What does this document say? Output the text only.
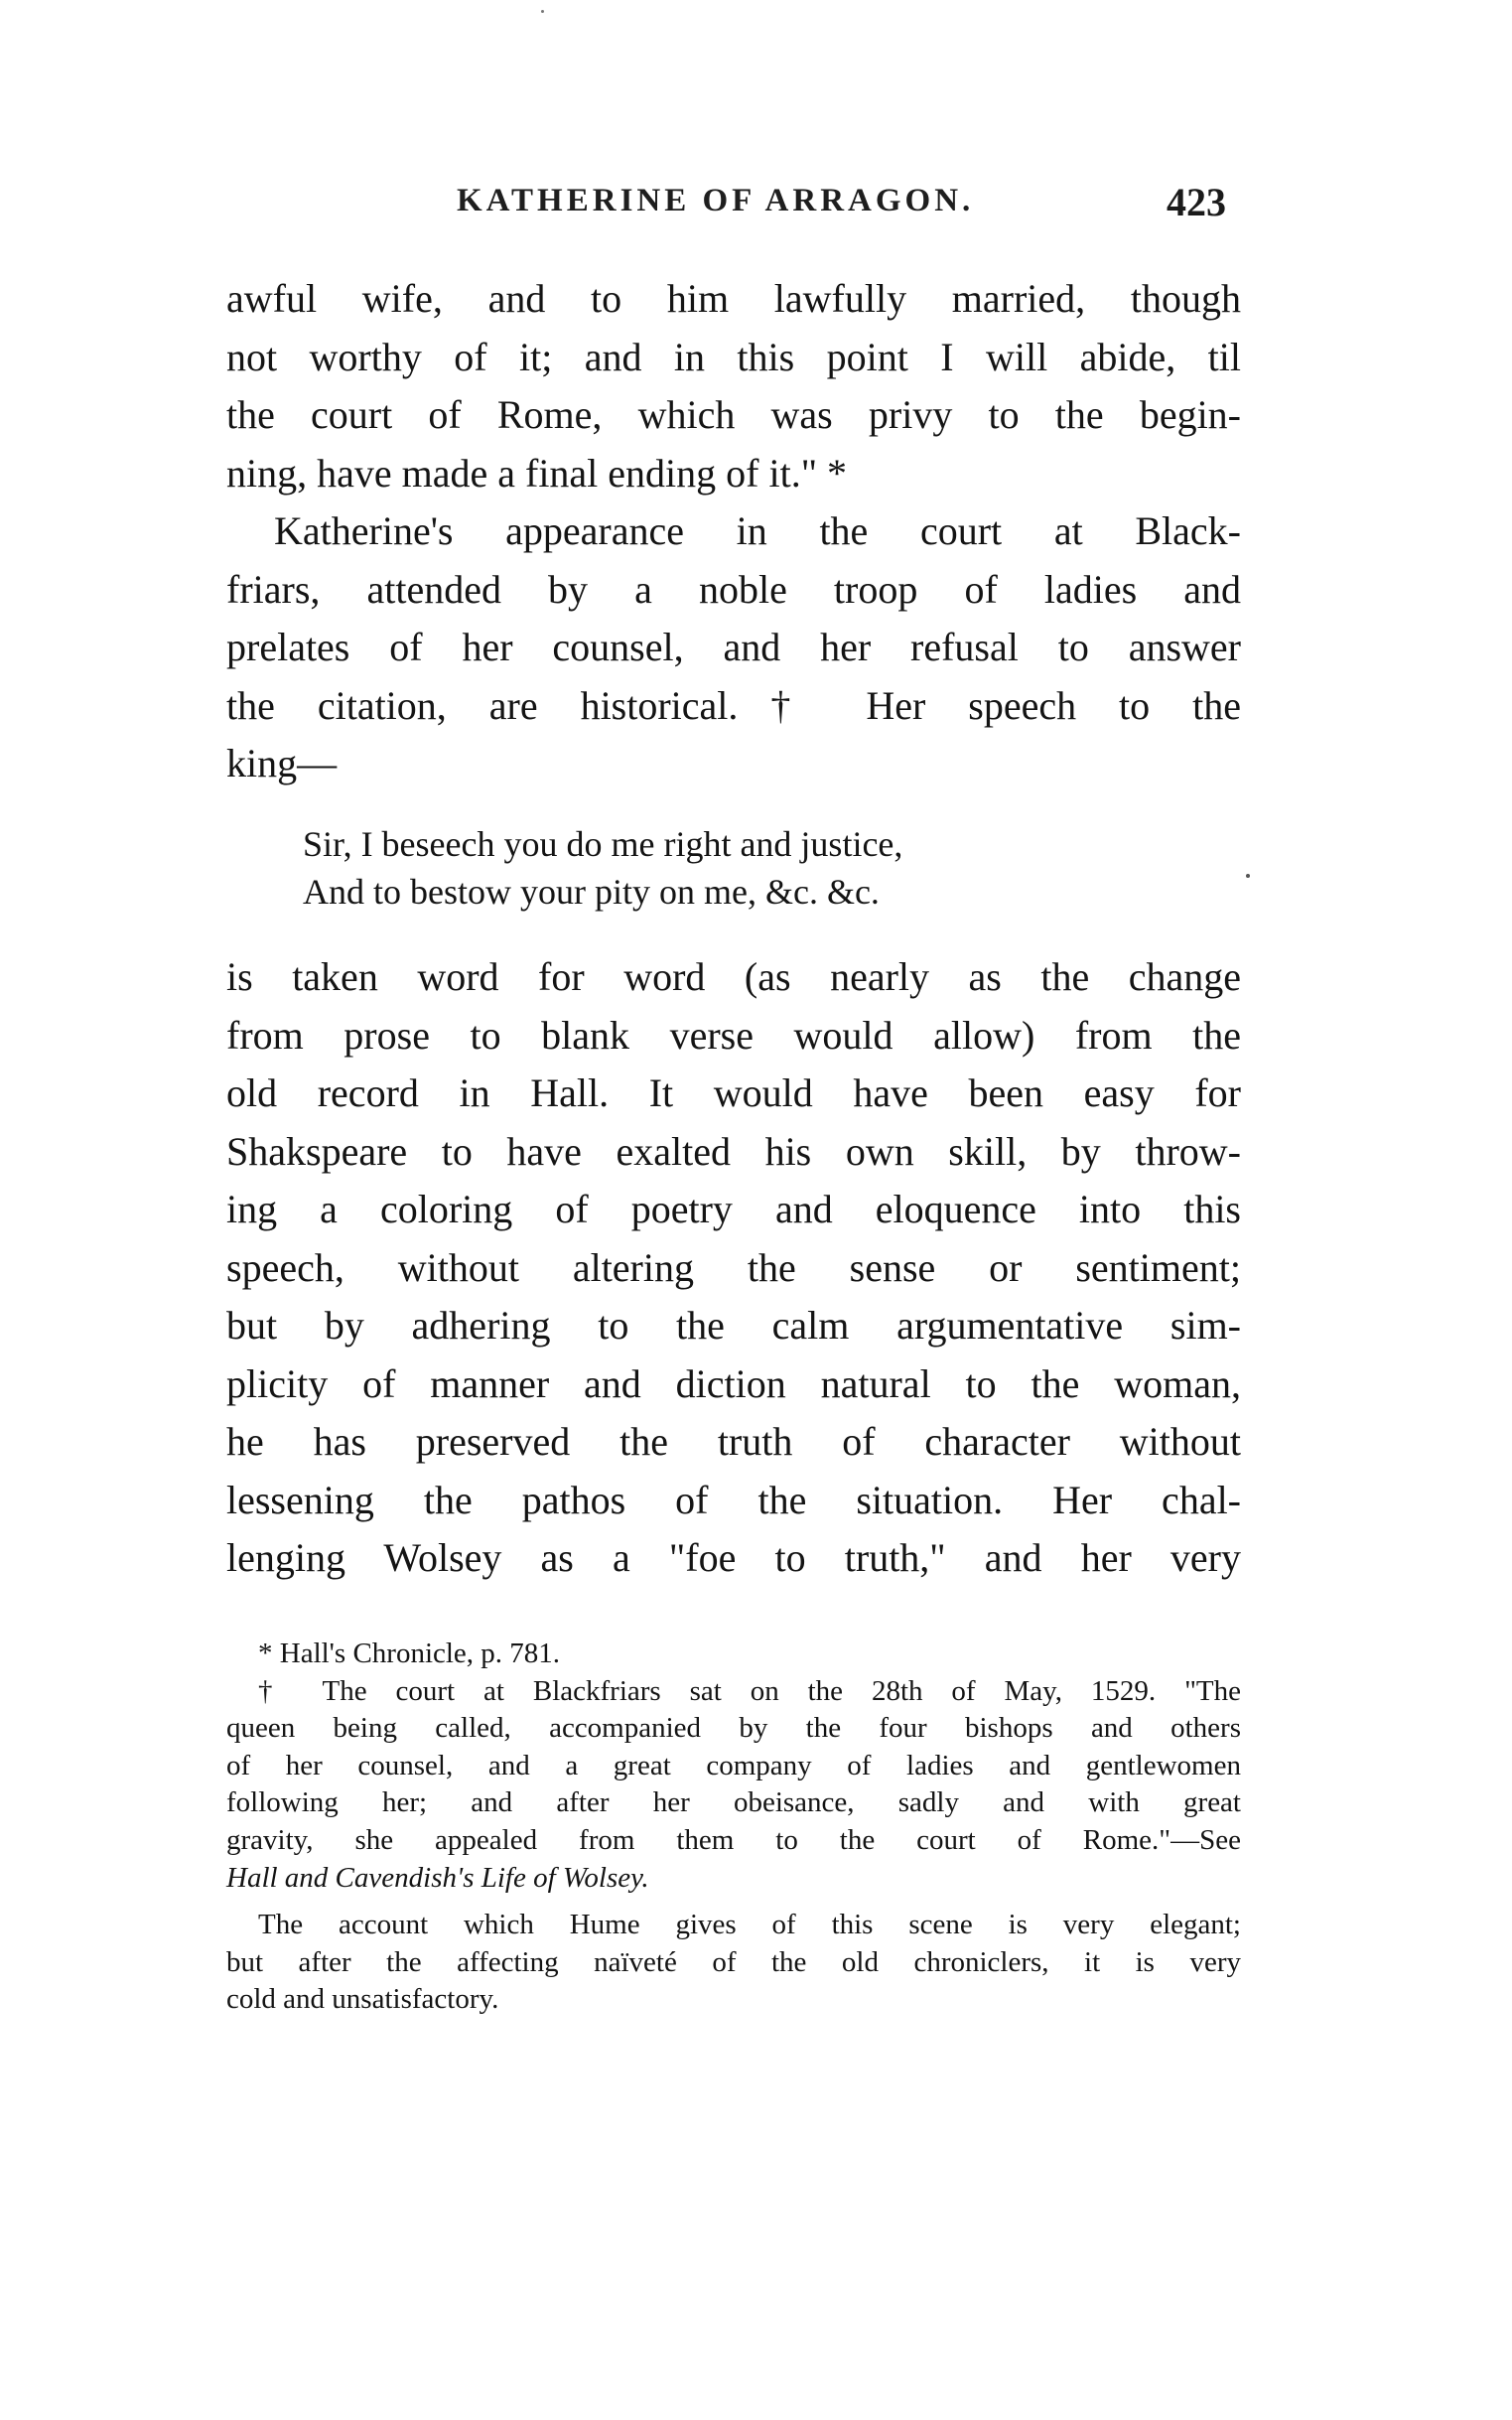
KATHERINE OF ARRAGON.	423
awful wife, and to him lawfully married, though
not worthy of it; and in this point I will abide, til
the court of Rome, which was privy to the begin-
ning, have made a final ending of it." *
Katherine's appearance in the court at Black-
friars, attended by a noble troop of ladies and
prelates of her counsel, and her refusal to answer
the citation, are historical.† Her speech to the
king—
Sir, I beseech you do me right and justice,
And to bestow your pity on me, &c. &c.
is taken word for word (as nearly as the change
from prose to blank verse would allow) from the
old record in Hall. It would have been easy for
Shakspeare to have exalted his own skill, by throw-
ing a coloring of poetry and eloquence into this
speech, without altering the sense or sentiment;
but by adhering to the calm argumentative sim-
plicity of manner and diction natural to the woman,
he has preserved the truth of character without
lessening the pathos of the situation. Her chal-
lenging Wolsey as a "foe to truth," and her very
* Hall's Chronicle, p. 781.
† The court at Blackfriars sat on the 28th of May, 1529. "The
queen being called, accompanied by the four bishops and others
of her counsel, and a great company of ladies and gentlewomen
following her; and after her obeisance, sadly and with great
gravity, she appealed from them to the court of Rome."—See
Hall and Cavendish's Life of Wolsey.
The account which Hume gives of this scene is very elegant;
but after the affecting naïveté of the old chroniclers, it is very
cold and unsatisfactory.
